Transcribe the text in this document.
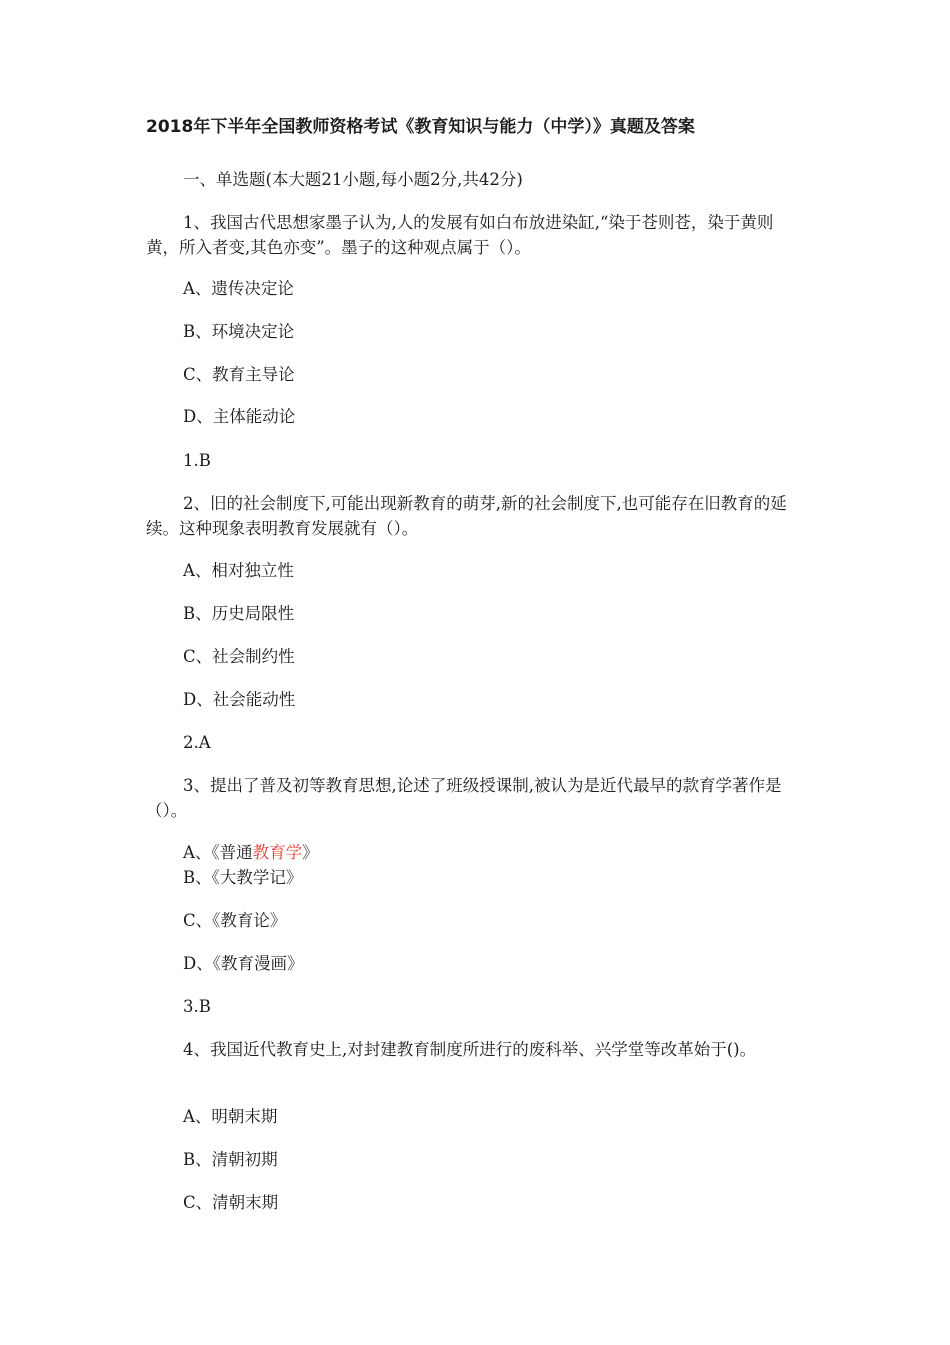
2018年下半年全国教师资格考试《教育知识与能力（中学）》真题及答案
一、单选题(本大题21小题,每小题2分,共42分)
1、我国古代思想家墨子认为,人的发展有如白布放进染缸,“染于苍则苍，染于黄则黄，所入者变,其色亦变”。墨子的这种观点属于（）。
A、遗传决定论
B、环境决定论
C、教育主导论
D、主体能动论
1.B
2、旧的社会制度下,可能出现新教育的萌芽,新的社会制度下,也可能存在旧教育的延续。这种现象表明教育发展就有（）。
A、相对独立性
B、历史局限性
C、社会制约性
D、社会能动性
2.A
3、提出了普及初等教育思想,论述了班级授课制,被认为是近代最早的款育学著作是（）。
A、《普通教育学》
B、《大教学记》
C、《教育论》
D、《教育漫画》
3.B
4、我国近代教育史上,对封建教育制度所进行的废科举、兴学堂等改革始于()。
A、明朝末期
B、清朝初期
C、清朝末期
